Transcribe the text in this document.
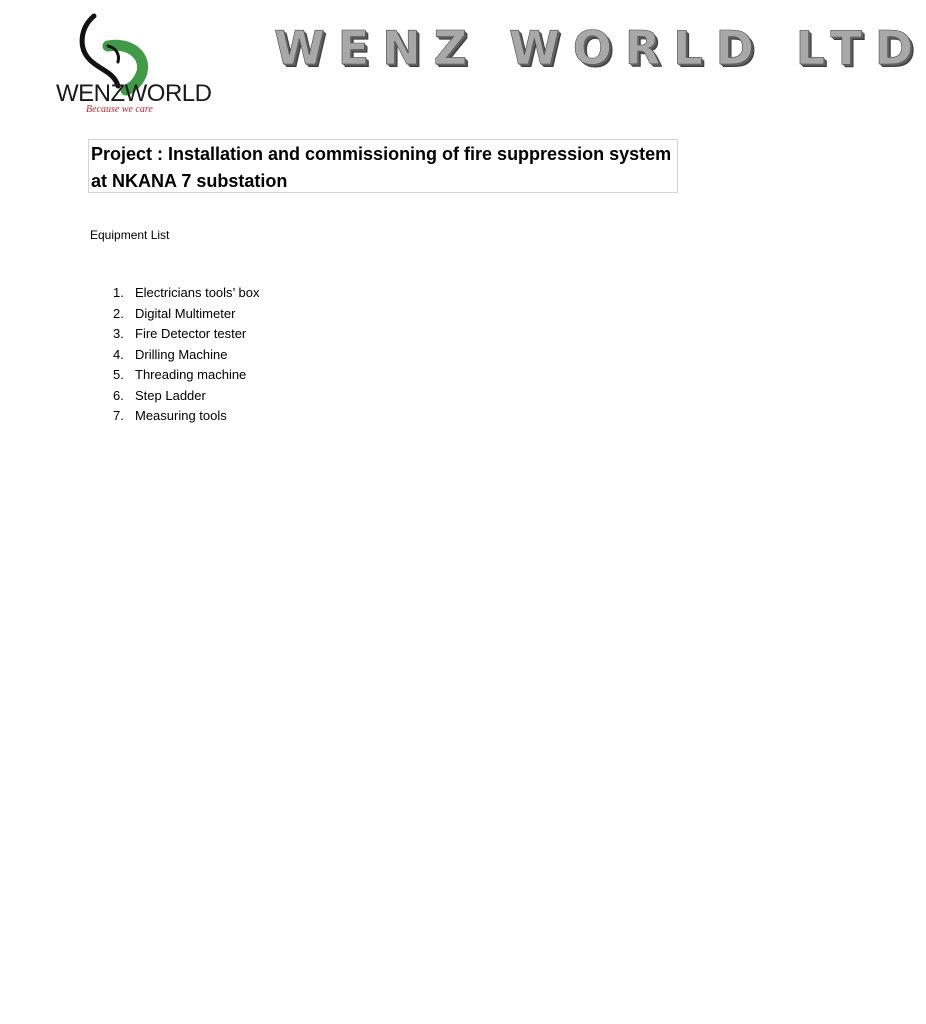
WENZWORLD
Because we care
WENZ WORLD LTD

Project : Installation and commissioning of fire suppression system at NKANA 7 substation

Equipment List

1. Electricians tools’ box
2. Digital Multimeter
3. Fire Detector tester
4. Drilling Machine
5. Threading machine
6. Step Ladder
7. Measuring tools
